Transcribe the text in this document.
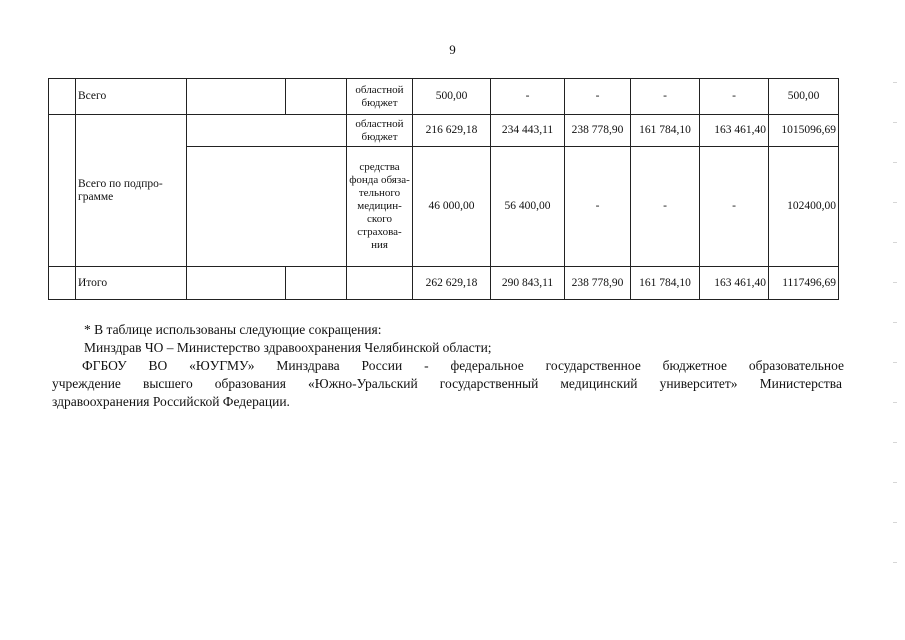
9
	Всего			областной бюджет	500,00	-	-	-	-	500,00
	Всего по подпро-грамме			областной бюджет	216 629,18	234 443,11	238 778,90	161 784,10	163 461,40	1015096,69
				средства фонда обяза-тельного медицин-ского страхова-ния	46 000,00	56 400,00	-	-	-	102400,00
	Итого				262 629,18	290 843,11	238 778,90	161 784,10	163 461,40	1117496,69

* В таблице использованы следующие сокращения:

Минздрав ЧО – Министерство здравоохранения Челябинской области;

ФГБОУ ВО «ЮУГМУ» Минздрава России - федеральное государственное бюджетное образовательное

учреждение высшего образования «Южно-Уральский государственный медицинский университет» Министерства

здравоохранения Российской Федерации.
